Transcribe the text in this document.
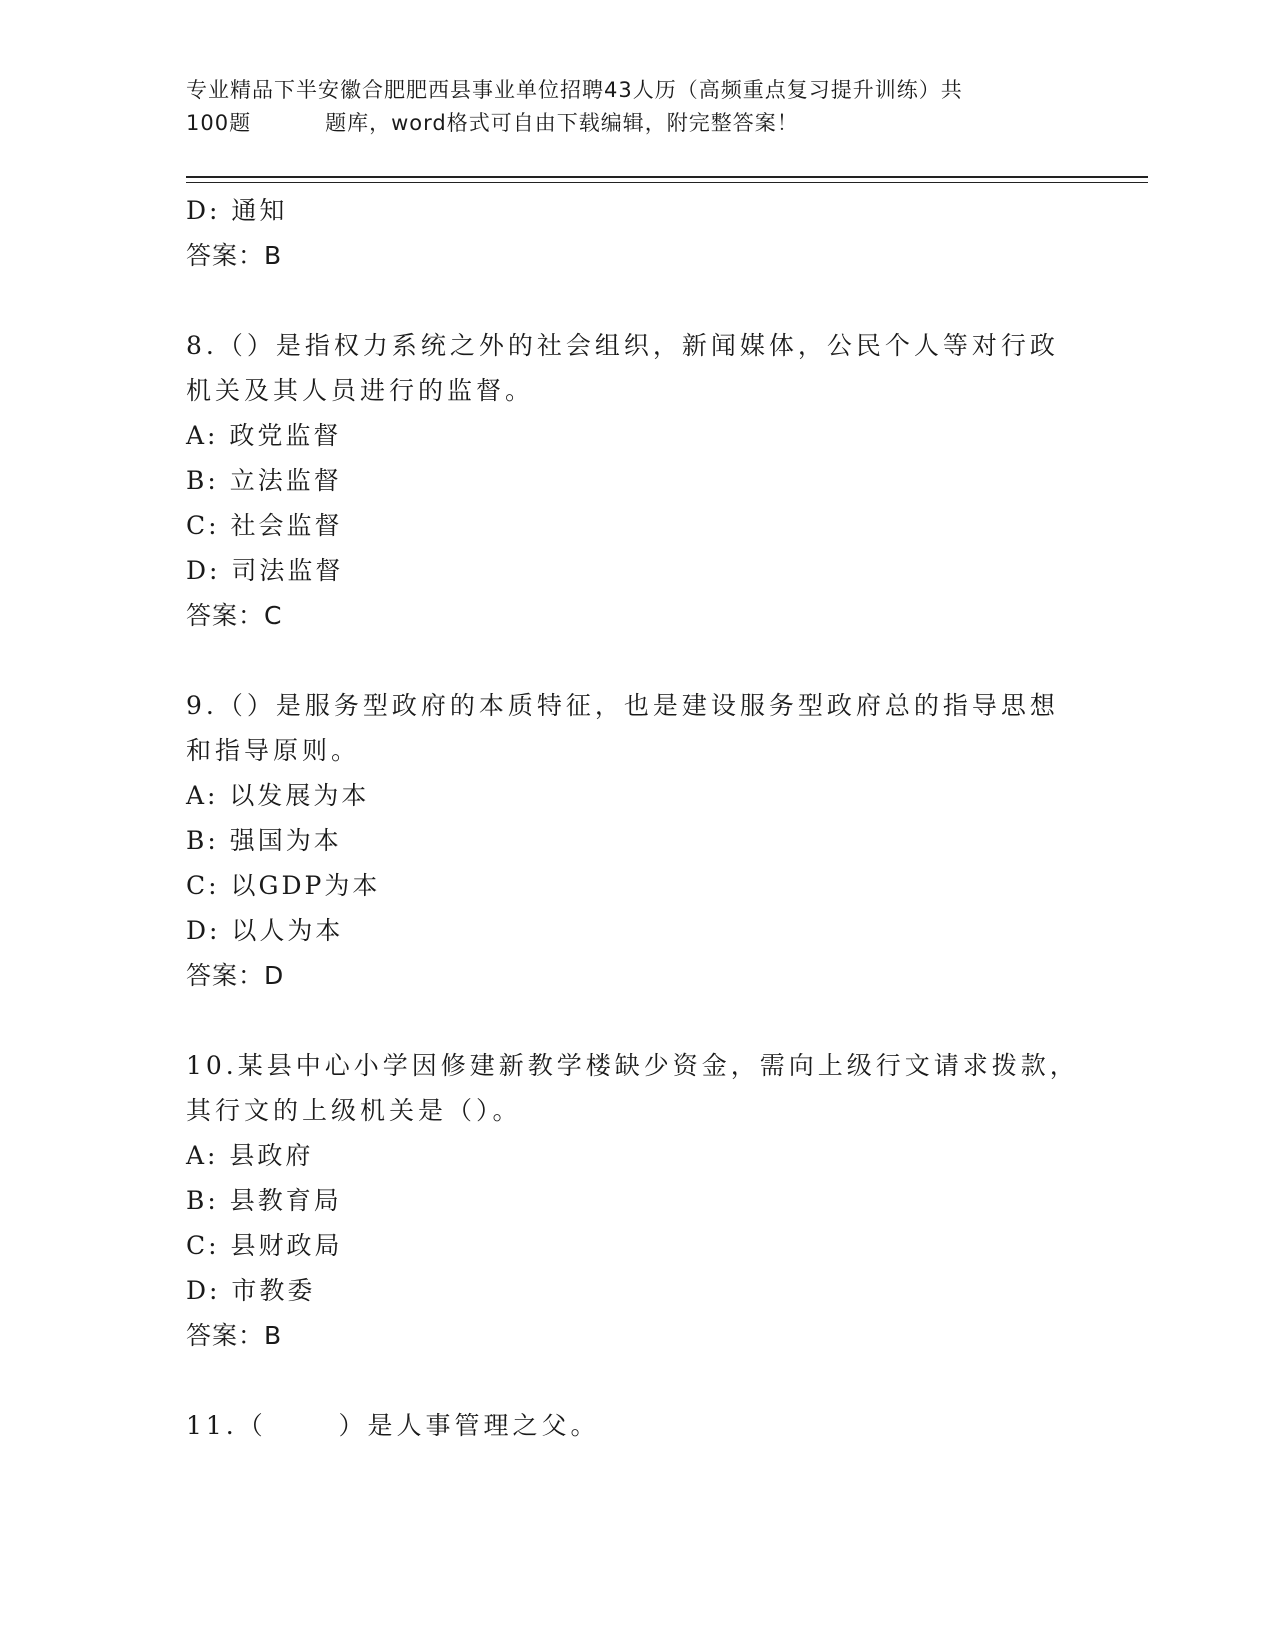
专业精品下半安徽合肥肥西县事业单位招聘43人历（高频重点复习提升训练）共
100题	题库，word格式可自由下载编辑，附完整答案！
D: 通知
答案：B
8.（）是指权力系统之外的社会组织，新闻媒体，公民个人等对行政
机关及其人员进行的监督。
A: 政党监督
B: 立法监督
C: 社会监督
D: 司法监督
答案：C
9.（）是服务型政府的本质特征，也是建设服务型政府总的指导思想
和指导原则。
A: 以发展为本
B: 强国为本
C: 以GDP为本
D: 以人为本
答案：D
10.某县中心小学因修建新教学楼缺少资金，需向上级行文请求拨款，
其行文的上级机关是（）。
A: 县政府
B: 县教育局
C: 县财政局
D: 市教委
答案：B
11.（      ）是人事管理之父。
